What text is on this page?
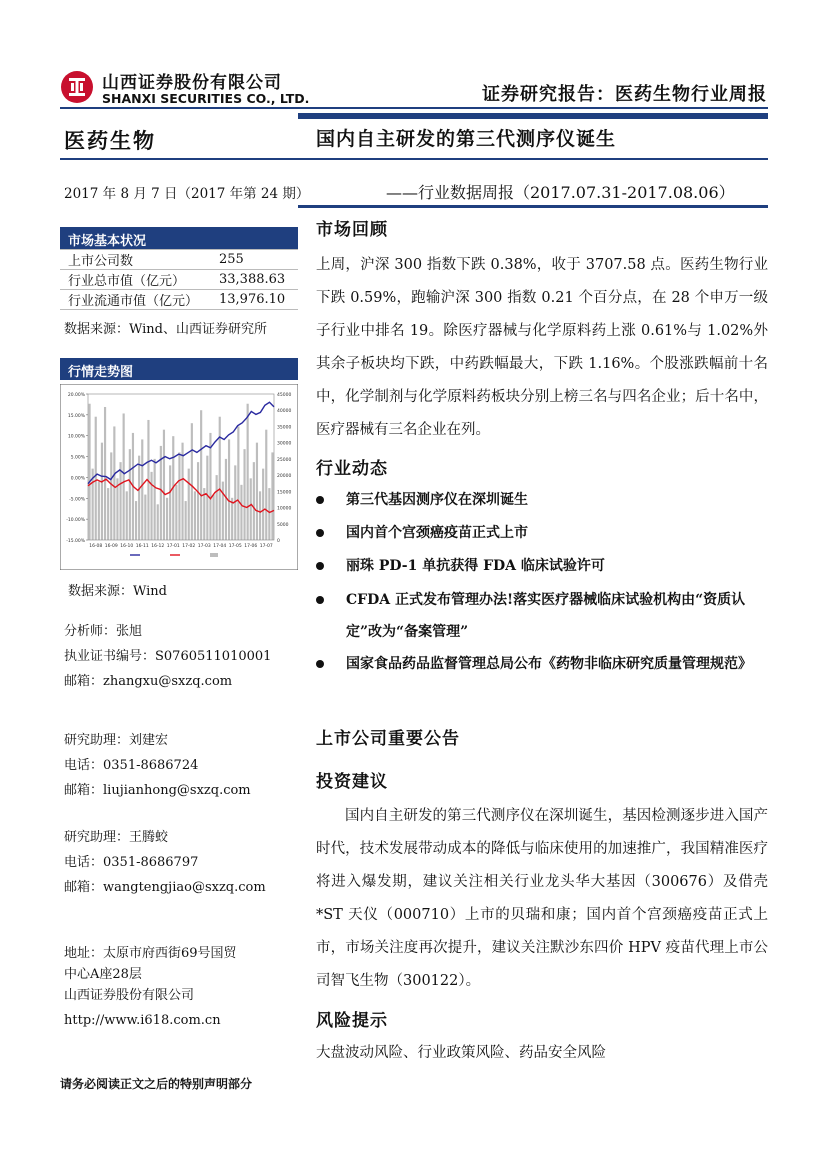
山西证券股份有限公司
SHANXI SECURITIES CO., LTD.	证券研究报告：医药生物行业周报
医药生物
2017 年 8 月 7 日（2017 年第 24 期）
市场基本状况
上市公司数	255
行业总市值（亿元）	33,388.63
行业流通市值（亿元）	13,976.10
数据来源：Wind、山西证券研究所
行情走势图
20.00%
15.00%
10.00%
5.00%
0.00%
-5.00%
-10.00%
-15.00%
45000
40000
35000
30000
25000
20000
15000
10000
5000
0
16-08 16-09 16-10 16-11 16-12 17-01 17-02 17-03 17-04 17-05 17-06 17-07
数据来源：Wind
分析师：张旭
执业证书编号：S0760511010001
邮箱：zhangxu@sxzq.com
研究助理：刘建宏
电话：0351-8686724
邮箱：liujianhong@sxzq.com
研究助理：王腾蛟
电话：0351-8686797
邮箱：wangtengjiao@sxzq.com
地址：太原市府西街69号国贸
中心A座28层
山西证券股份有限公司
http://www.i618.com.cn
国内自主研发的第三代测序仪诞生
——行业数据周报（2017.07.31-2017.08.06）
市场回顾
上周，沪深 300 指数下跌 0.38%，收于 3707.58 点。医药生物行业下跌 0.59%，跑输沪深 300 指数 0.21 个百分点，在 28 个申万一级子行业中排名 19。除医疗器械与化学原料药上涨 0.61%与 1.02%外其余子板块均下跌，中药跌幅最大，下跌 1.16%。个股涨跌幅前十名中，化学制剂与化学原料药板块分别上榜三名与四名企业；后十名中，医疗器械有三名企业在列。
行业动态
第三代基因测序仪在深圳诞生
国内首个宫颈癌疫苗正式上市
丽珠 PD-1 单抗获得 FDA 临床试验许可
CFDA 正式发布管理办法!落实医疗器械临床试验机构由“资质认定”改为“备案管理”
国家食品药品监督管理总局公布《药物非临床研究质量管理规范》
上市公司重要公告
投资建议
国内自主研发的第三代测序仪在深圳诞生，基因检测逐步进入国产时代，技术发展带动成本的降低与临床使用的加速推广，我国精准医疗将进入爆发期，建议关注相关行业龙头华大基因（300676）及借壳*ST 天仪（000710）上市的贝瑞和康；国内首个宫颈癌疫苗正式上市，市场关注度再次提升，建议关注默沙东四价 HPV 疫苗代理上市公司智飞生物（300122）。
风险提示
大盘波动风险、行业政策风险、药品安全风险
请务必阅读正文之后的特别声明部分
